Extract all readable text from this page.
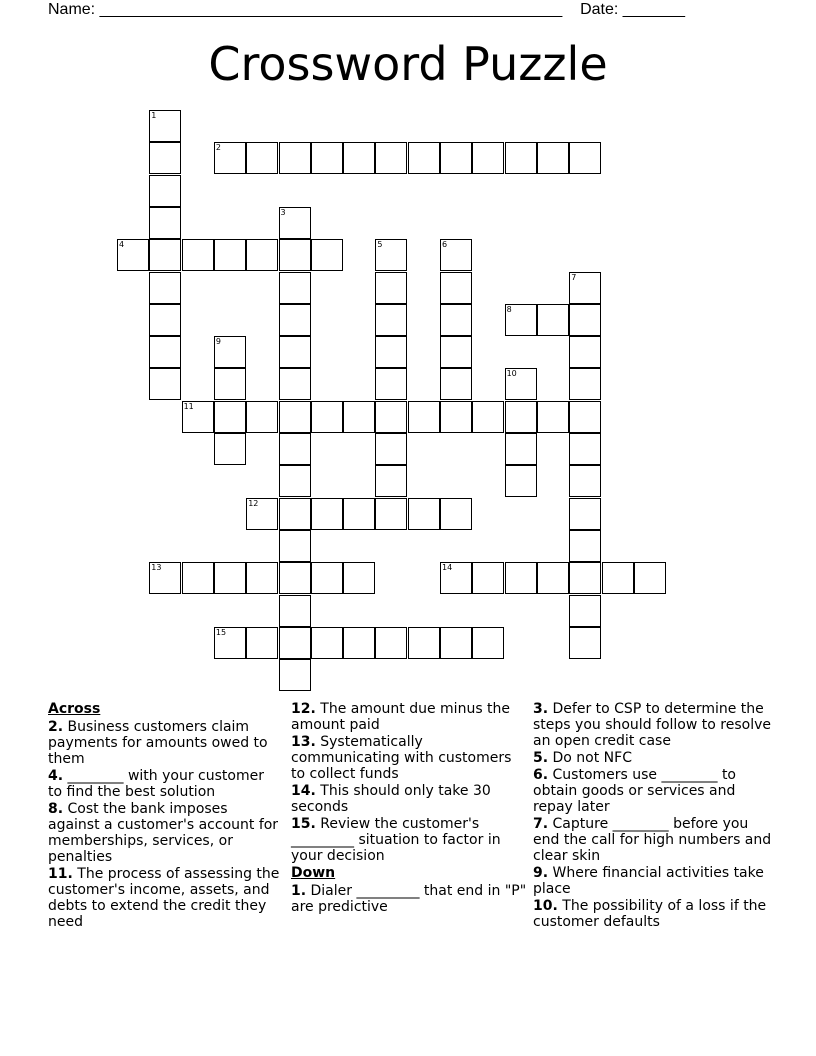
Name: ____________________________________________________ Date: _______
Crossword Puzzle
1
2
3
4	5	6
7
8
9
10
11
12
13	14
15

Across

2. Business customers claim payments for amounts owed to them

4. ________ with your customer to find the best solution

8. Cost the bank imposes against a customer's account for memberships, services, or penalties

11. The process of assessing the customer's income, assets, and debts to extend the credit they need

12. The amount due minus the amount paid

13. Systematically communicating with customers to collect funds

14. This should only take 30 seconds

15. Review the customer's _________ situation to factor in your decision

Down

1. Dialer _________ that end in "P" are predictive

3. Defer to CSP to determine the steps you should follow to resolve an open credit case

5. Do not NFC

6. Customers use ________ to obtain goods or services and repay later

7. Capture ________ before you end the call for high numbers and clear skin

9. Where financial activities take place

10. The possibility of a loss if the customer defaults
